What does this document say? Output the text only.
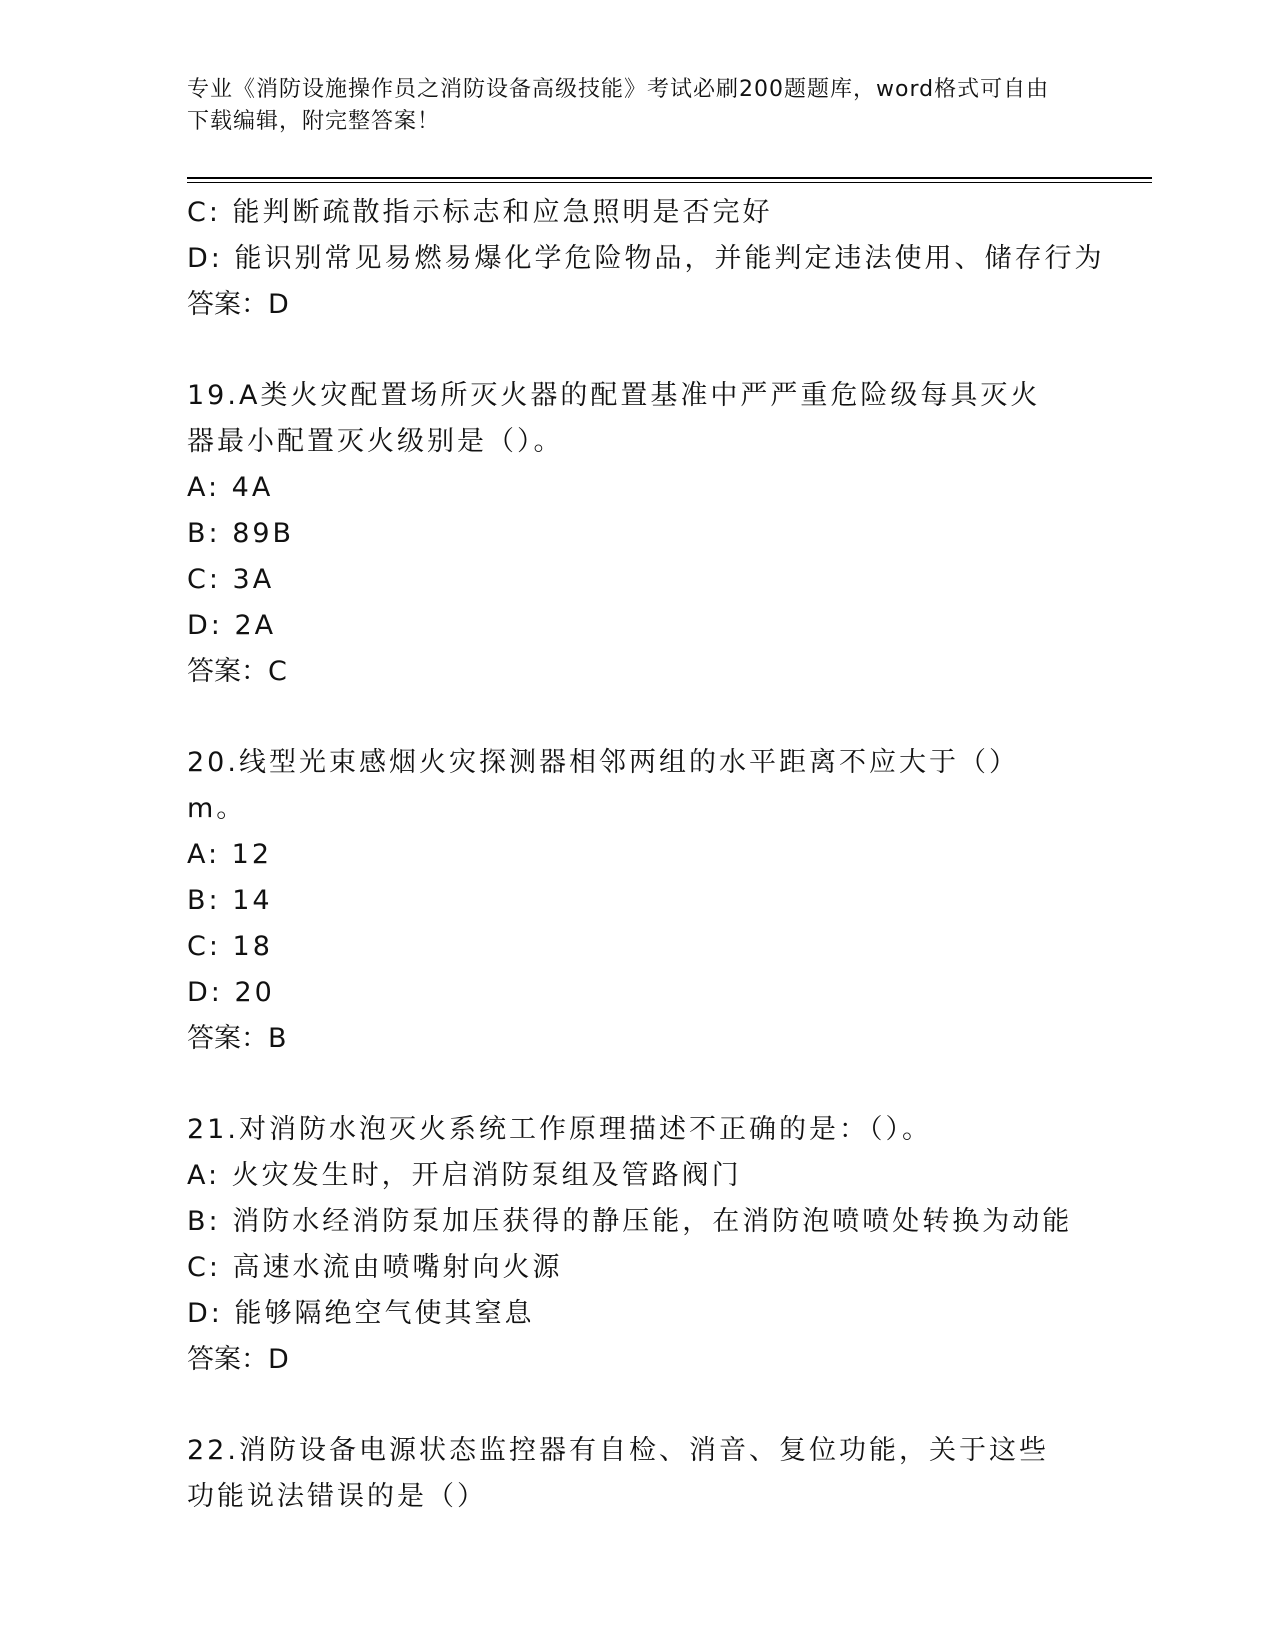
专业《消防设施操作员之消防设备高级技能》考试必刷200题题库，word格式可自由下载编辑，附完整答案！
C: 能判断疏散指示标志和应急照明是否完好
D: 能识别常见易燃易爆化学危险物品，并能判定违法使用、储存行为
答案：D
19.A类火灾配置场所灭火器的配置基准中严严重危险级每具灭火器最小配置灭火级别是（）。
A: 4A
B: 89B
C: 3A
D: 2A
答案：C
20.线型光束感烟火灾探测器相邻两组的水平距离不应大于（）m。
A: 12
B: 14
C: 18
D: 20
答案：B
21.对消防水泡灭火系统工作原理描述不正确的是：（）。
A: 火灾发生时，开启消防泵组及管路阀门
B: 消防水经消防泵加压获得的静压能，在消防泡喷喷处转换为动能
C: 高速水流由喷嘴射向火源
D: 能够隔绝空气使其窒息
答案：D
22.消防设备电源状态监控器有自检、消音、复位功能，关于这些功能说法错误的是（）
